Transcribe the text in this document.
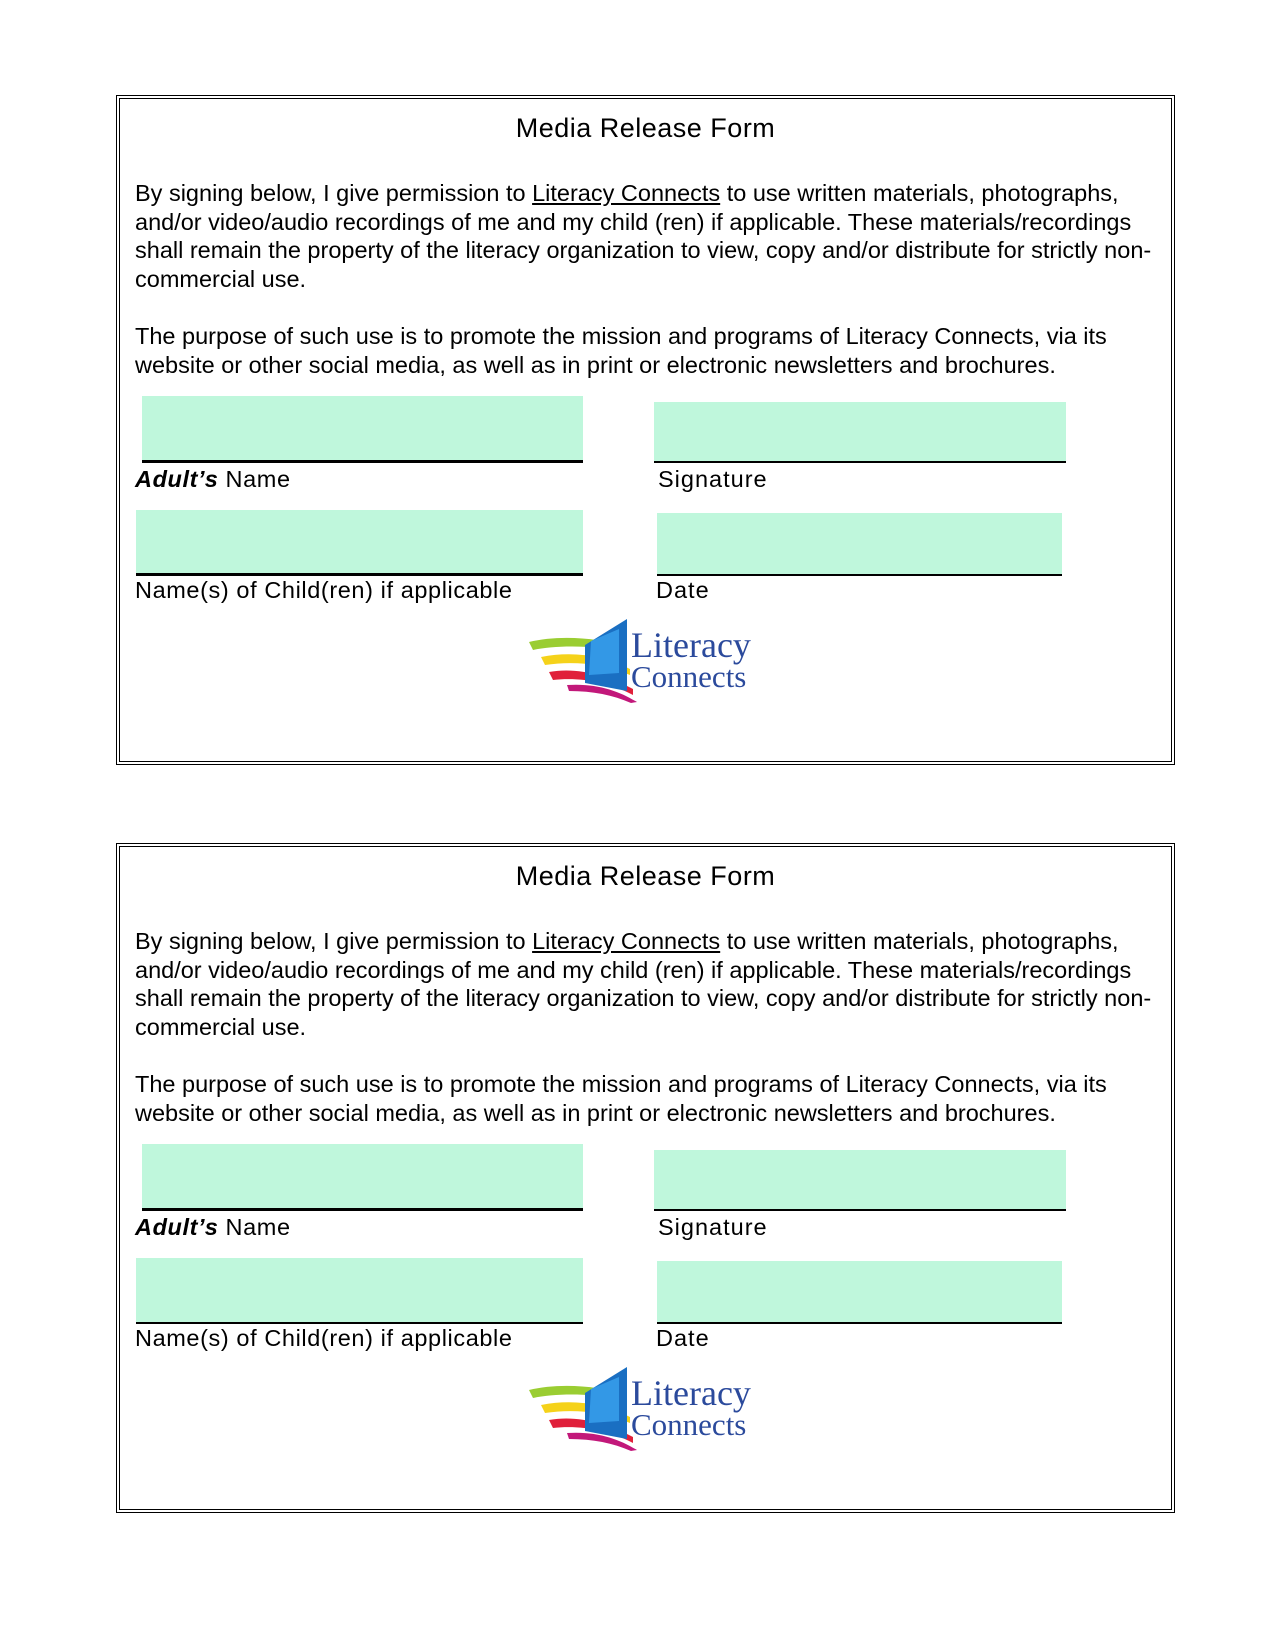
Media Release Form
By signing below, I give permission to Literacy Connects to use written materials, photographs, and/or video/audio recordings of me and my child (ren) if applicable. These materials/recordings shall remain the property of the literacy organization to view, copy and/or distribute for strictly non-commercial use.
The purpose of such use is to promote the mission and programs of Literacy Connects, via its website or other social media, as well as in print or electronic newsletters and brochures.
Adult’s Name	Signature
Name(s) of Child(ren) if applicable	Date
Literacy
Connects
Media Release Form
By signing below, I give permission to Literacy Connects to use written materials, photographs, and/or video/audio recordings of me and my child (ren) if applicable. These materials/recordings shall remain the property of the literacy organization to view, copy and/or distribute for strictly non-commercial use.
The purpose of such use is to promote the mission and programs of Literacy Connects, via its website or other social media, as well as in print or electronic newsletters and brochures.
Adult’s Name	Signature
Name(s) of Child(ren) if applicable	Date
Literacy
Connects
